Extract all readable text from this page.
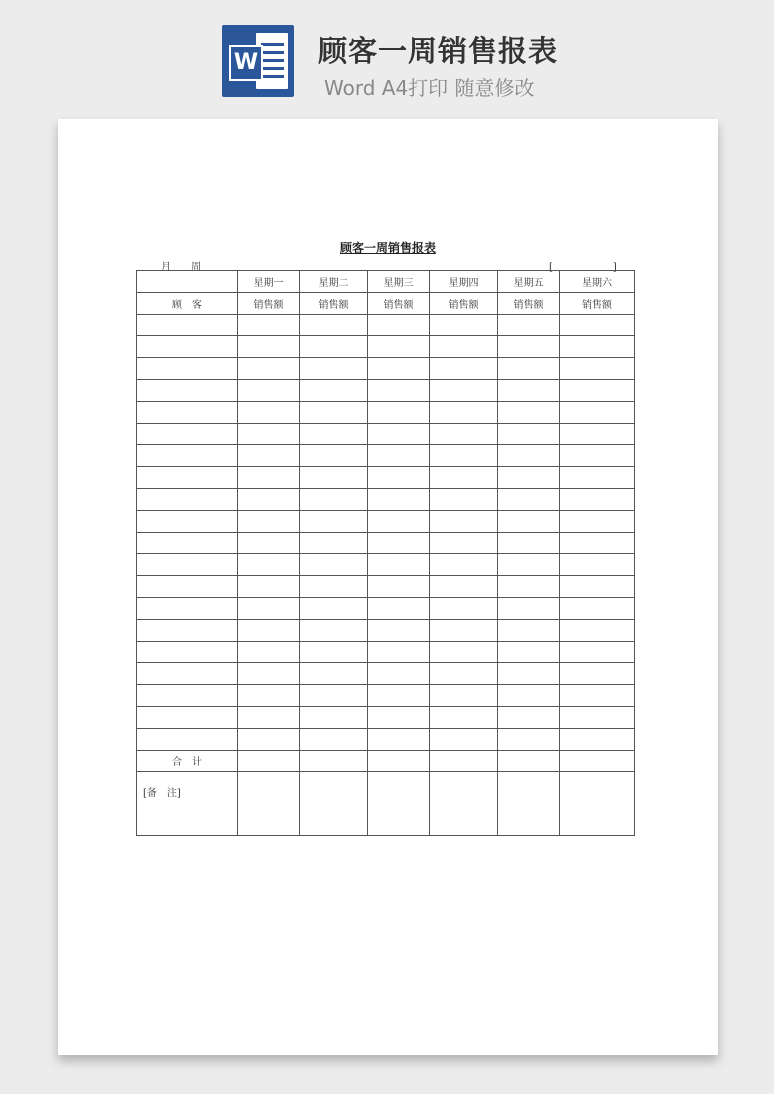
W 顾客一周销售报表
Word A4打印 随意修改
顾客一周销售报表
月　　周	[　　　　　　]
	星期一	星期二	星期三	星期四	星期五	星期六
顾　客	销售额	销售额	销售额	销售额	销售额	销售额

合　计						
[备　注]						
